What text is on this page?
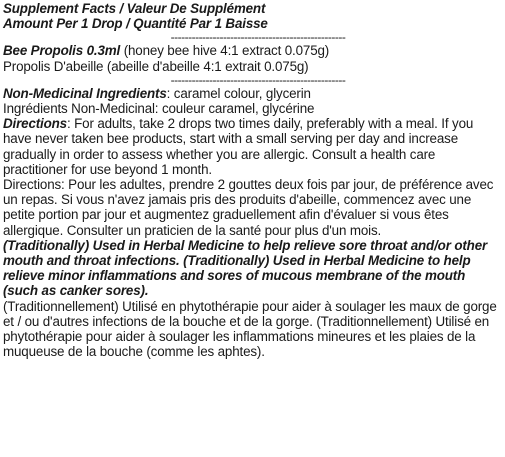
Supplement Facts / Valeur De Supplément

Amount Per 1 Drop / Quantité Par 1 Baisse

--------------------------------------------------

Bee Propolis 0.3ml (honey bee hive 4:1 extract 0.075g)

Propolis D'abeille (abeille d'abeille 4:1 extrait 0.075g)

--------------------------------------------------

Non-Medicinal Ingredients: caramel colour, glycerin

Ingrédients Non-Medicinal: couleur caramel, glycérine

Directions: For adults, take 2 drops two times daily, preferably with a meal. If you have never taken bee products, start with a small serving per day and increase gradually in order to assess whether you are allergic. Consult a health care practitioner for use beyond 1 month.

Directions: Pour les adultes, prendre 2 gouttes deux fois par jour, de préférence avec un repas. Si vous n'avez jamais pris des produits d'abeille, commencez avec une petite portion par jour et augmentez graduellement afin d'évaluer si vous êtes allergique. Consulter un praticien de la santé pour plus d'un mois.

(Traditionally) Used in Herbal Medicine to help relieve sore throat and/or other mouth and throat infections. (Traditionally) Used in Herbal Medicine to help relieve minor inflammations and sores of mucous membrane of the mouth (such as canker sores).

(Traditionnellement) Utilisé en phytothérapie pour aider à soulager les maux de gorge et / ou d'autres infections de la bouche et de la gorge. (Traditionnellement) Utilisé en phytothérapie pour aider à soulager les inflammations mineures et les plaies de la muqueuse de la bouche (comme les aphtes).
